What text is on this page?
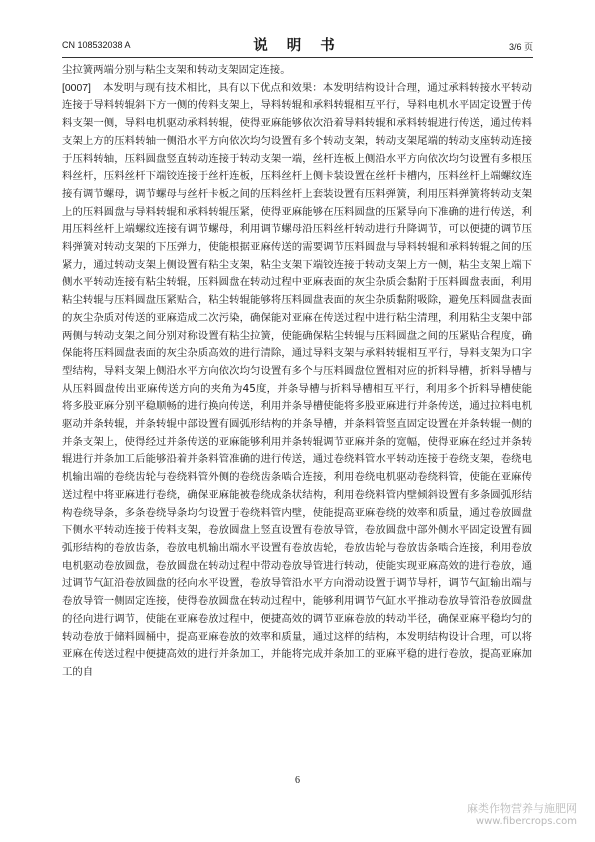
CN 108532038 A	说 明 书	3/6 页

尘拉簧两端分别与粘尘支架和转动支架固定连接。

[0007] 本发明与现有技术相比，具有以下优点和效果：本发明结构设计合理，通过承料转接水平转动连接于导料转辊斜下方一侧的传料支架上，导料转辊和承料转辊相互平行，导料电机水平固定设置于传料支架一侧，导料电机驱动承料转辊，使得亚麻能够依次沿着导料转辊和承料转辊进行传送，通过传料支架上方的压料转轴一侧沿水平方向依次均匀设置有多个转动支架，转动支架尾端的转动支座转动连接于压料转轴，压料圆盘竖直转动连接于转动支架一端，丝杆连板上侧沿水平方向依次均匀设置有多根压料丝杆，压料丝杆下端铰连接于丝杆连板，压料丝杆上侧卡装设置在丝杆卡槽内，压料丝杆上端螺纹连接有调节螺母，调节螺母与丝杆卡板之间的压料丝杆上套装设置有压料弹簧，利用压料弹簧将转动支架上的压料圆盘与导料转辊和承料转辊压紧，使得亚麻能够在压料圆盘的压紧导向下准确的进行传送，利用压料丝杆上端螺纹连接有调节螺母，利用调节螺母沿压料丝杆转动进行升降调节，可以便捷的调节压料弹簧对转动支架的下压弹力，使能根据亚麻传送的需要调节压料圆盘与导料转辊和承料转辊之间的压紧力，通过转动支架上侧设置有粘尘支架，粘尘支架下端铰连接于转动支架上方一侧，粘尘支架上端下侧水平转动连接有粘尘转辊，压料圆盘在转动过程中亚麻表面的灰尘杂质会黏附于压料圆盘表面，利用粘尘转辊与压料圆盘压紧贴合，粘尘转辊能够将压料圆盘表面的灰尘杂质黏附吸除，避免压料圆盘表面的灰尘杂质对传送的亚麻造成二次污染，确保能对亚麻在传送过程中进行粘尘清理，利用粘尘支架中部两侧与转动支架之间分别对称设置有粘尘拉簧，使能确保粘尘转辊与压料圆盘之间的压紧贴合程度，确保能将压料圆盘表面的灰尘杂质高效的进行清除，通过导料支架与承料转辊相互平行，导料支架为口字型结构，导料支架上侧沿水平方向依次均匀设置有多个与压料圆盘位置相对应的折料导槽，折料导槽与从压料圆盘传出亚麻传送方向的夹角为45度，并条导槽与折料导槽相互平行，利用多个折料导槽使能将多股亚麻分别平稳顺畅的进行换向传送，利用并条导槽使能将多股亚麻进行并条传送，通过拉料电机驱动并条转辊，并条转辊中部设置有圆弧形结构的并条导槽，并条料管竖直固定设置在并条转辊一侧的并条支架上，使得经过并条传送的亚麻能够利用并条转辊调节亚麻并条的宽幅，使得亚麻在经过并条转辊进行并条加工后能够沿着并条料管准确的进行传送，通过卷绕料管水平转动连接于卷绕支架，卷绕电机输出端的卷绕齿轮与卷绕料管外侧的卷绕齿条啮合连接，利用卷绕电机驱动卷绕料管，使能在亚麻传送过程中将亚麻进行卷绕，确保亚麻能被卷绕成条状结构，利用卷绕料管内壁倾斜设置有多条圆弧形结构卷绕导条，多条卷绕导条均匀设置于卷绕料管内壁，使能提高亚麻卷绕的效率和质量，通过卷放圆盘下侧水平转动连接于传料支架，卷放圆盘上竖直设置有卷放导管，卷放圆盘中部外侧水平固定设置有圆弧形结构的卷放齿条，卷放电机输出端水平设置有卷放齿轮，卷放齿轮与卷放齿条啮合连接，利用卷放电机驱动卷放圆盘，卷放圆盘在转动过程中带动卷放导管进行转动，使能实现亚麻高效的进行卷放，通过调节气缸沿卷放圆盘的径向水平设置，卷放导管沿水平方向滑动设置于调节导杆，调节气缸输出端与卷放导管一侧固定连接，使得卷放圆盘在转动过程中，能够利用调节气缸水平推动卷放导管沿卷放圆盘的径向进行调节，使能在亚麻卷放过程中，便捷高效的调节亚麻卷放的转动半径，确保亚麻平稳均匀的转动卷放于储料圆桶中，提高亚麻卷放的效率和质量，通过这样的结构，本发明结构设计合理，可以将亚麻在传送过程中便捷高效的进行并条加工，并能将完成并条加工的亚麻平稳的进行卷放，提高亚麻加工的自

6
麻类作物营养与施肥网
www.fibercrops.com
